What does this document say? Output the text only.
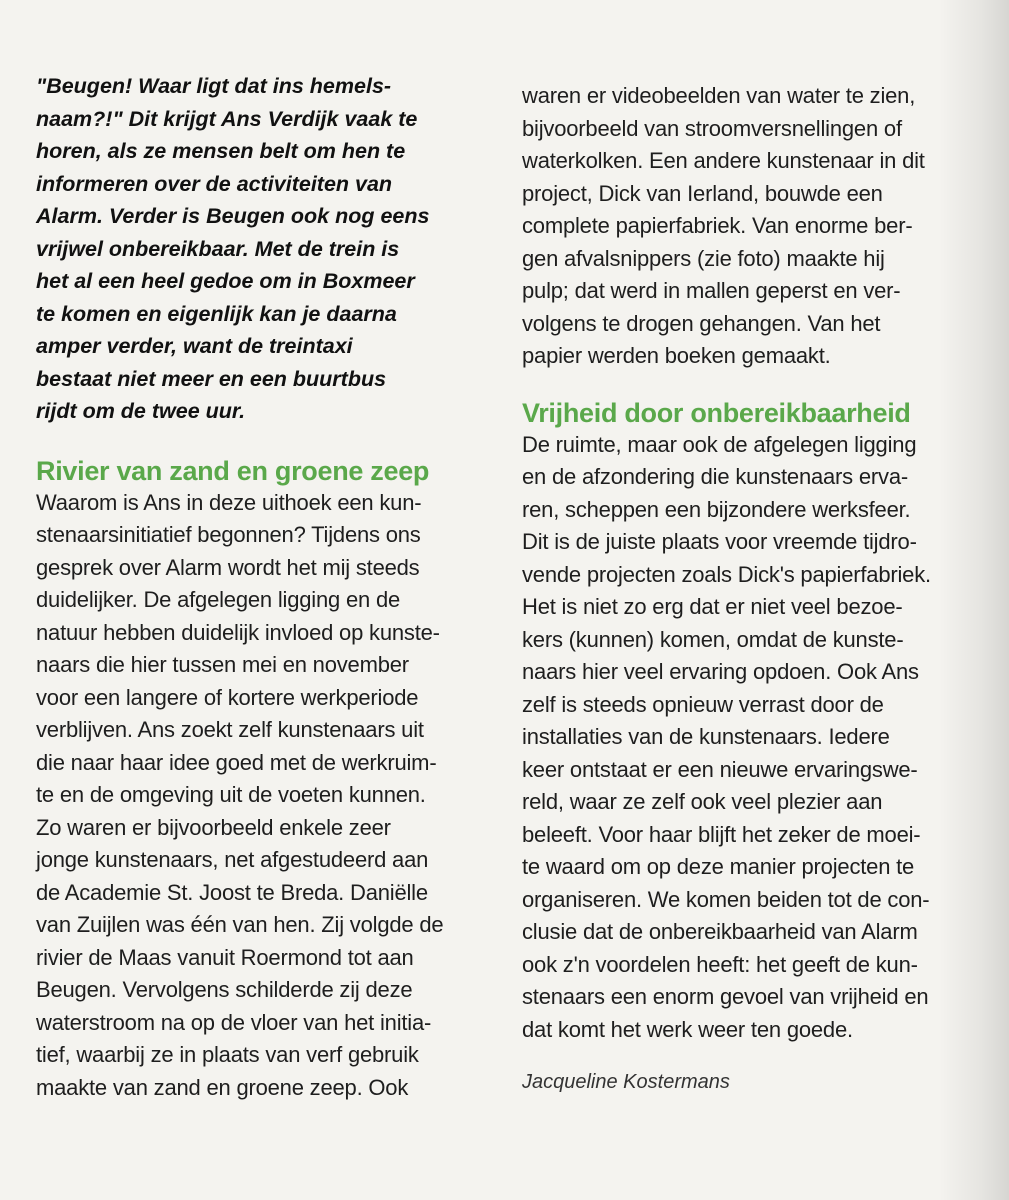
"Beugen! Waar ligt dat ins hemels-
naam?!" Dit krijgt Ans Verdijk vaak te
horen, als ze mensen belt om hen te
informeren over de activiteiten van
Alarm. Verder is Beugen ook nog eens
vrijwel onbereikbaar. Met de trein is
het al een heel gedoe om in Boxmeer
te komen en eigenlijk kan je daarna
amper verder, want de treintaxi
bestaat niet meer en een buurtbus
rijdt om de twee uur.
Rivier van zand en groene zeep
Waarom is Ans in deze uithoek een kun-
stenaarsinitiatief begonnen? Tijdens ons
gesprek over Alarm wordt het mij steeds
duidelijker. De afgelegen ligging en de
natuur hebben duidelijk invloed op kunste-
naars die hier tussen mei en november
voor een langere of kortere werkperiode
verblijven. Ans zoekt zelf kunstenaars uit
die naar haar idee goed met de werkruim-
te en de omgeving uit de voeten kunnen.
Zo waren er bijvoorbeeld enkele zeer
jonge kunstenaars, net afgestudeerd aan
de Academie St. Joost te Breda. Daniëlle
van Zuijlen was één van hen. Zij volgde de
rivier de Maas vanuit Roermond tot aan
Beugen. Vervolgens schilderde zij deze
waterstroom na op de vloer van het initia-
tief, waarbij ze in plaats van verf gebruik
maakte van zand en groene zeep. Ook
waren er videobeelden van water te zien,
bijvoorbeeld van stroomversnellingen of
waterkolken. Een andere kunstenaar in dit
project, Dick van Ierland, bouwde een
complete papierfabriek. Van enorme ber-
gen afvalsnippers (zie foto) maakte hij
pulp; dat werd in mallen geperst en ver-
volgens te drogen gehangen. Van het
papier werden boeken gemaakt.
Vrijheid door onbereikbaarheid
De ruimte, maar ook de afgelegen ligging
en de afzondering die kunstenaars erva-
ren, scheppen een bijzondere werksfeer.
Dit is de juiste plaats voor vreemde tijdro-
vende projecten zoals Dick's papierfabriek.
Het is niet zo erg dat er niet veel bezoe-
kers (kunnen) komen, omdat de kunste-
naars hier veel ervaring opdoen. Ook Ans
zelf is steeds opnieuw verrast door de
installaties van de kunstenaars. Iedere
keer ontstaat er een nieuwe ervaringswe-
reld, waar ze zelf ook veel plezier aan
beleeft. Voor haar blijft het zeker de moei-
te waard om op deze manier projecten te
organiseren. We komen beiden tot de con-
clusie dat de onbereikbaarheid van Alarm
ook z'n voordelen heeft: het geeft de kun-
stenaars een enorm gevoel van vrijheid en
dat komt het werk weer ten goede.
Jacqueline Kostermans
